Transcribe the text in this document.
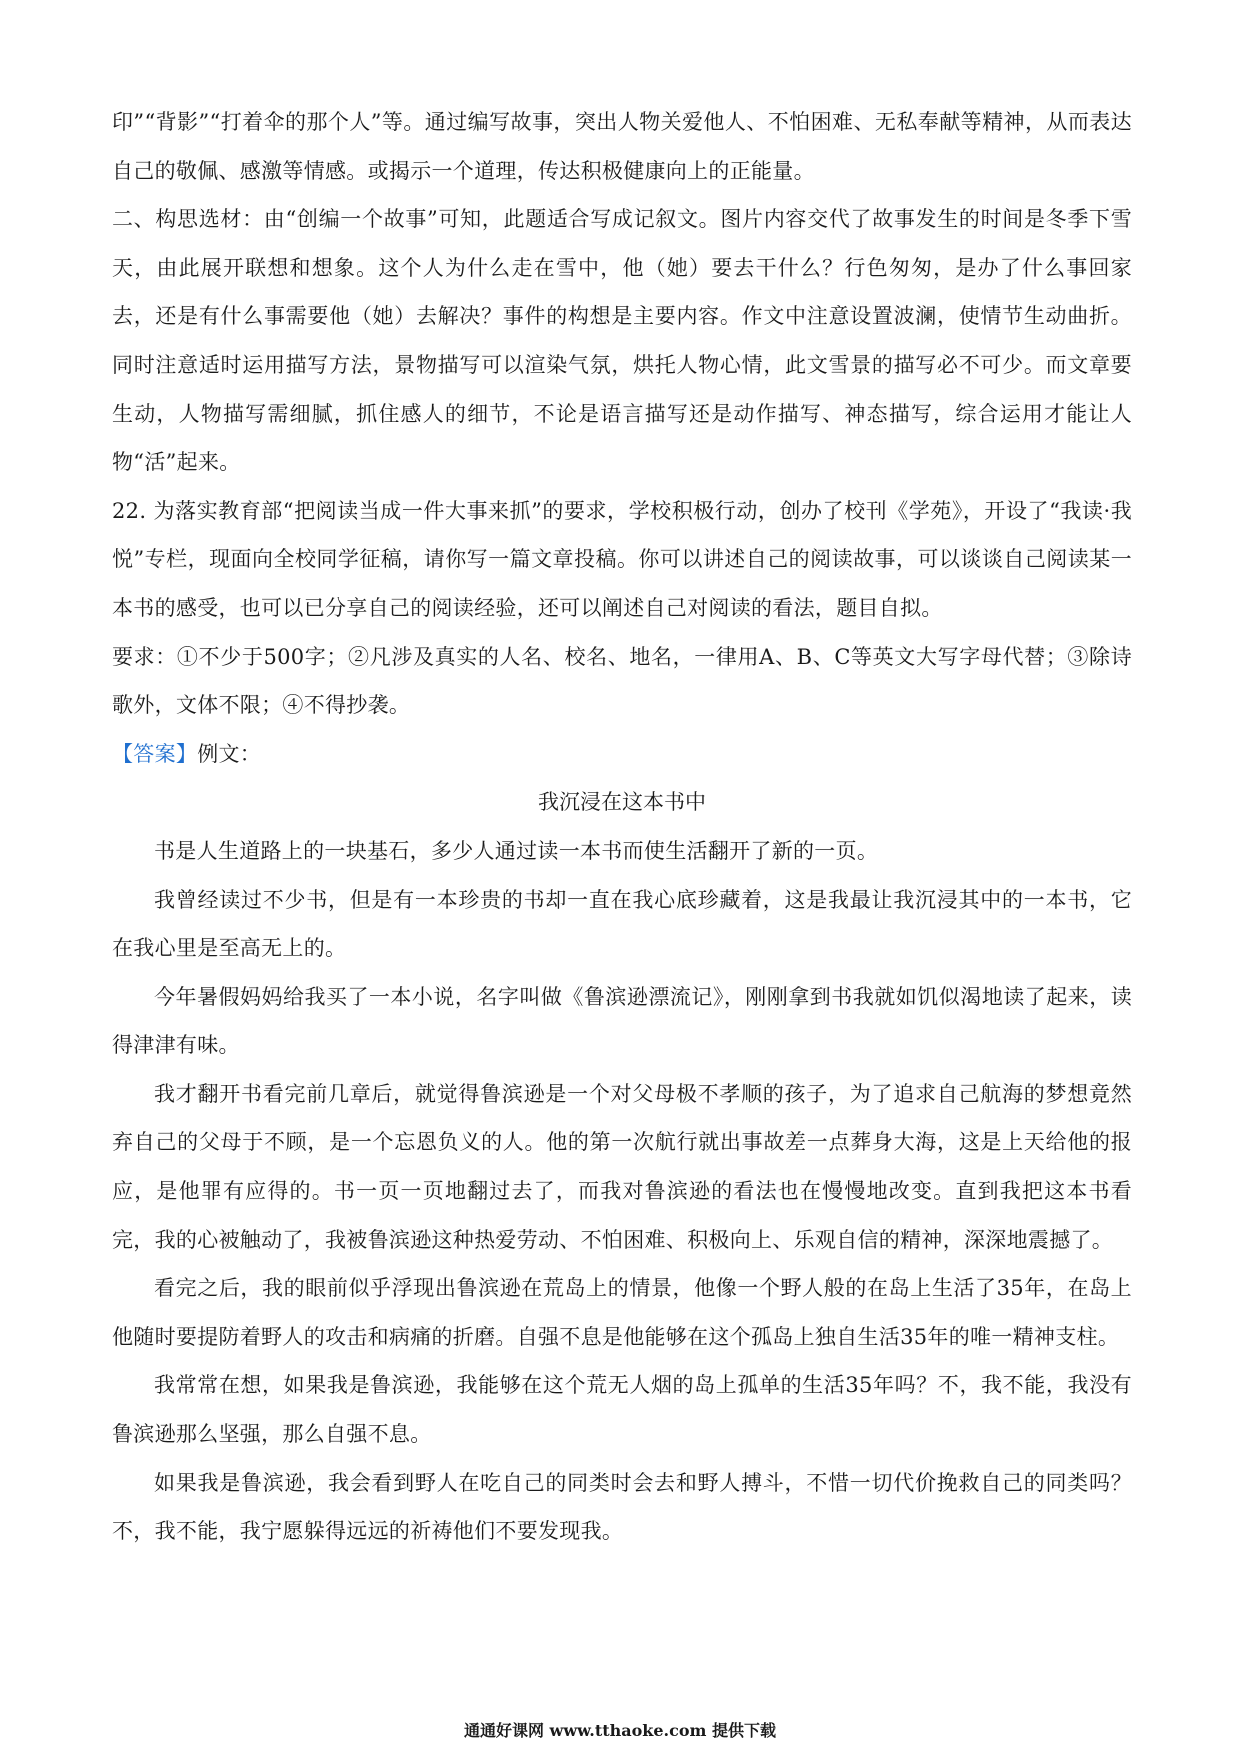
印”“背影”“打着伞的那个人”等。通过编写故事，突出人物关爱他人、不怕困难、无私奉献等精神，从而表达自己的敬佩、感激等情感。或揭示一个道理，传达积极健康向上的正能量。

二、构思选材：由“创编一个故事”可知，此题适合写成记叙文。图片内容交代了故事发生的时间是冬季下雪天，由此展开联想和想象。这个人为什么走在雪中，他（她）要去干什么？行色匆匆，是办了什么事回家去，还是有什么事需要他（她）去解决？事件的构想是主要内容。作文中注意设置波澜，使情节生动曲折。同时注意适时运用描写方法，景物描写可以渲染气氛，烘托人物心情，此文雪景的描写必不可少。而文章要生动，人物描写需细腻，抓住感人的细节，不论是语言描写还是动作描写、神态描写，综合运用才能让人物“活”起来。

22. 为落实教育部“把阅读当成一件大事来抓”的要求，学校积极行动，创办了校刊《学苑》，开设了“我读·我悦”专栏，现面向全校同学征稿，请你写一篇文章投稿。你可以讲述自己的阅读故事，可以谈谈自己阅读某一本书的感受，也可以已分享自己的阅读经验，还可以阐述自己对阅读的看法，题目自拟。

要求：①不少于500字；②凡涉及真实的人名、校名、地名，一律用A、B、C等英文大写字母代替；③除诗歌外，文体不限；④不得抄袭。

【答案】例文：

我沉浸在这本书中

书是人生道路上的一块基石，多少人通过读一本书而使生活翻开了新的一页。

我曾经读过不少书，但是有一本珍贵的书却一直在我心底珍藏着，这是我最让我沉浸其中的一本书，它在我心里是至高无上的。

今年暑假妈妈给我买了一本小说，名字叫做《鲁滨逊漂流记》，刚刚拿到书我就如饥似渴地读了起来，读得津津有味。

我才翻开书看完前几章后，就觉得鲁滨逊是一个对父母极不孝顺的孩子，为了追求自己航海的梦想竟然弃自己的父母于不顾，是一个忘恩负义的人。他的第一次航行就出事故差一点葬身大海，这是上天给他的报应，是他罪有应得的。书一页一页地翻过去了，而我对鲁滨逊的看法也在慢慢地改变。直到我把这本书看完，我的心被触动了，我被鲁滨逊这种热爱劳动、不怕困难、积极向上、乐观自信的精神，深深地震撼了。

看完之后，我的眼前似乎浮现出鲁滨逊在荒岛上的情景，他像一个野人般的在岛上生活了35年，在岛上他随时要提防着野人的攻击和病痛的折磨。自强不息是他能够在这个孤岛上独自生活35年的唯一精神支柱。

我常常在想，如果我是鲁滨逊，我能够在这个荒无人烟的岛上孤单的生活35年吗？不，我不能，我没有鲁滨逊那么坚强，那么自强不息。

如果我是鲁滨逊，我会看到野人在吃自己的同类时会去和野人搏斗，不惜一切代价挽救自己的同类吗？不，我不能，我宁愿躲得远远的祈祷他们不要发现我。

通通好课网 www.tthaoke.com 提供下载
